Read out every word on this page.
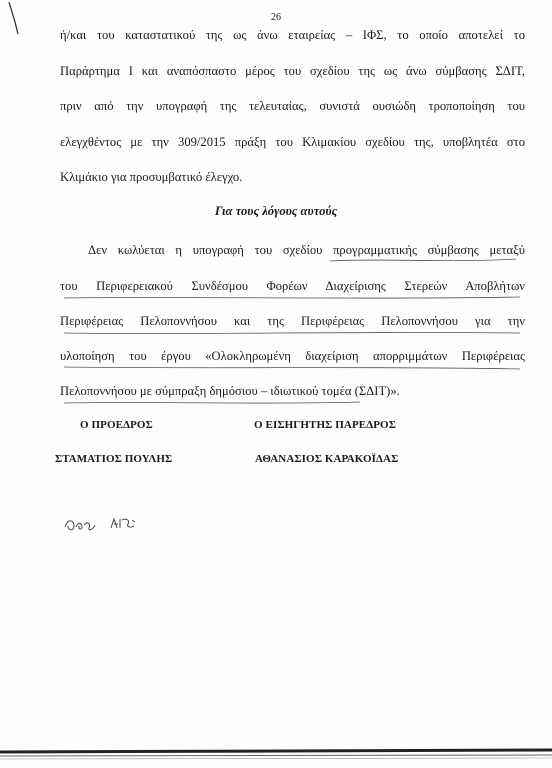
26
ή/και του καταστατικού της ως άνω εταιρείας – ΙΦΣ, το οποίο αποτελεί το
Παράρτημα Ι και αναπόσπαστο μέρος του σχεδίου της ως άνω σύμβασης ΣΔΙΤ,
πριν από την υπογραφή της τελευταίας, συνιστά ουσιώδη τροποποίηση του
ελεγχθέντος με την 309/2015 πράξη του Κλιμακίου σχεδίου της, υποβλητέα στο
Κλιμάκιο για προσυμβατικό έλεγχο.
Για τους λόγους αυτούς
Δεν κωλύεται η υπογραφή του σχεδίου προγραμματικής σύμβασης μεταξύ
του Περιφερειακού Συνδέσμου Φορέων Διαχείρισης Στερεών Αποβλήτων
Περιφέρειας Πελοποννήσου και της Περιφέρειας Πελοποννήσου για την
υλοποίηση του έργου «Ολοκληρωμένη διαχείριση απορριμμάτων Περιφέρειας
Πελοποννήσου με σύμπραξη δημόσιου – ιδιωτικού τομέα (ΣΔΙΤ)».
Ο ΠΡΟΕΔΡΟΣ	Ο ΕΙΣΗΓΗΤΗΣ ΠΑΡΕΔΡΟΣ
ΣΤΑΜΑΤΙΟΣ ΠΟΥΛΗΣ	ΑΘΑΝΑΣΙΟΣ ΚΑΡΑΚΟΪΔΑΣ
